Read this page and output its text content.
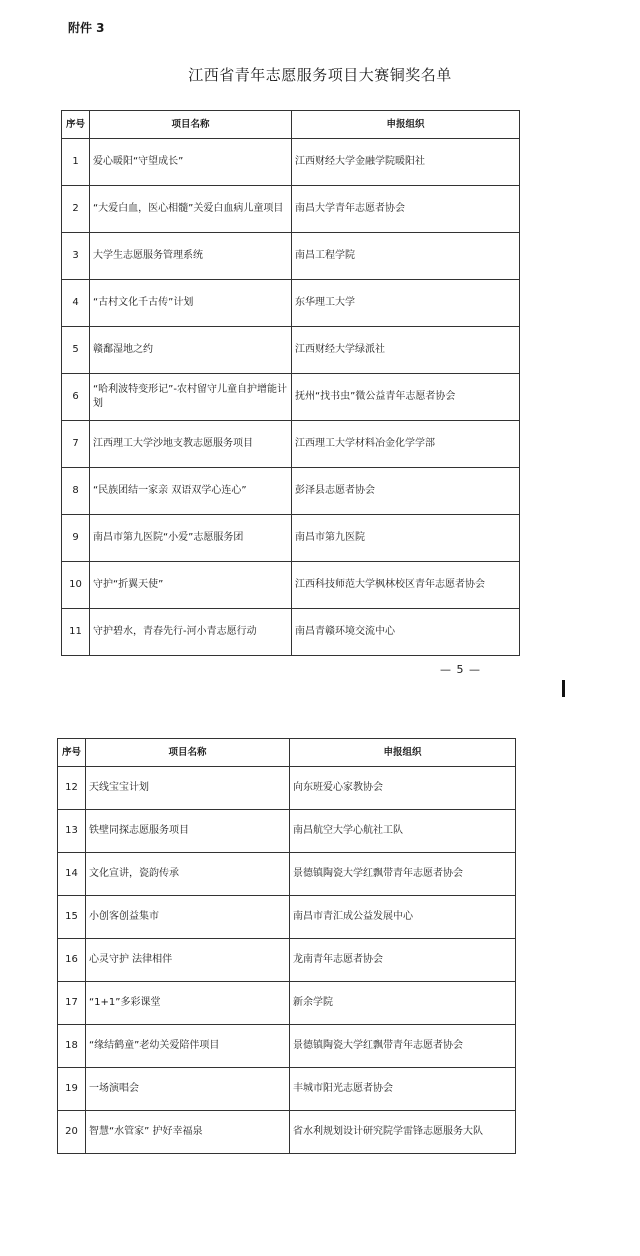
附件 3
江西省青年志愿服务项目大赛铜奖名单
序号	项目名称	申报组织
1	爱心暖阳“守望成长”	江西财经大学金融学院暖阳社
2	“大爱白血，医心相髓”关爱白血病儿童项目	南昌大学青年志愿者协会
3	大学生志愿服务管理系统	南昌工程学院
4	“古村文化千古传”计划	东华理工大学
5	赣鄱湿地之约	江西财经大学绿派社
6	“哈利波特变形记”-农村留守儿童自护增能计划	抚州“找书虫”微公益青年志愿者协会
7	江西理工大学沙地支教志愿服务项目	江西理工大学材料冶金化学学部
8	“民族团结一家亲 双语双学心连心”	彭泽县志愿者协会
9	南昌市第九医院“小爱”志愿服务团	南昌市第九医院
10	守护“折翼天使”	江西科技师范大学枫林校区青年志愿者协会
11	守护碧水，青春先行-河小青志愿行动	南昌青赣环境交流中心
— 5 —
序号	项目名称	申报组织
12	天线宝宝计划	向东班爱心家教协会
13	铁壁同探志愿服务项目	南昌航空大学心航社工队
14	文化宣讲，瓷韵传承	景德镇陶瓷大学红飘带青年志愿者协会
15	小创客创益集市	南昌市青汇成公益发展中心
16	心灵守护 法律相伴	龙南青年志愿者协会
17	“1+1”多彩课堂	新余学院
18	“缘结鹤童”老幼关爱陪伴项目	景德镇陶瓷大学红飘带青年志愿者协会
19	一场演唱会	丰城市阳光志愿者协会
20	智慧“水管家” 护好幸福泉	省水利规划设计研究院学雷锋志愿服务大队
